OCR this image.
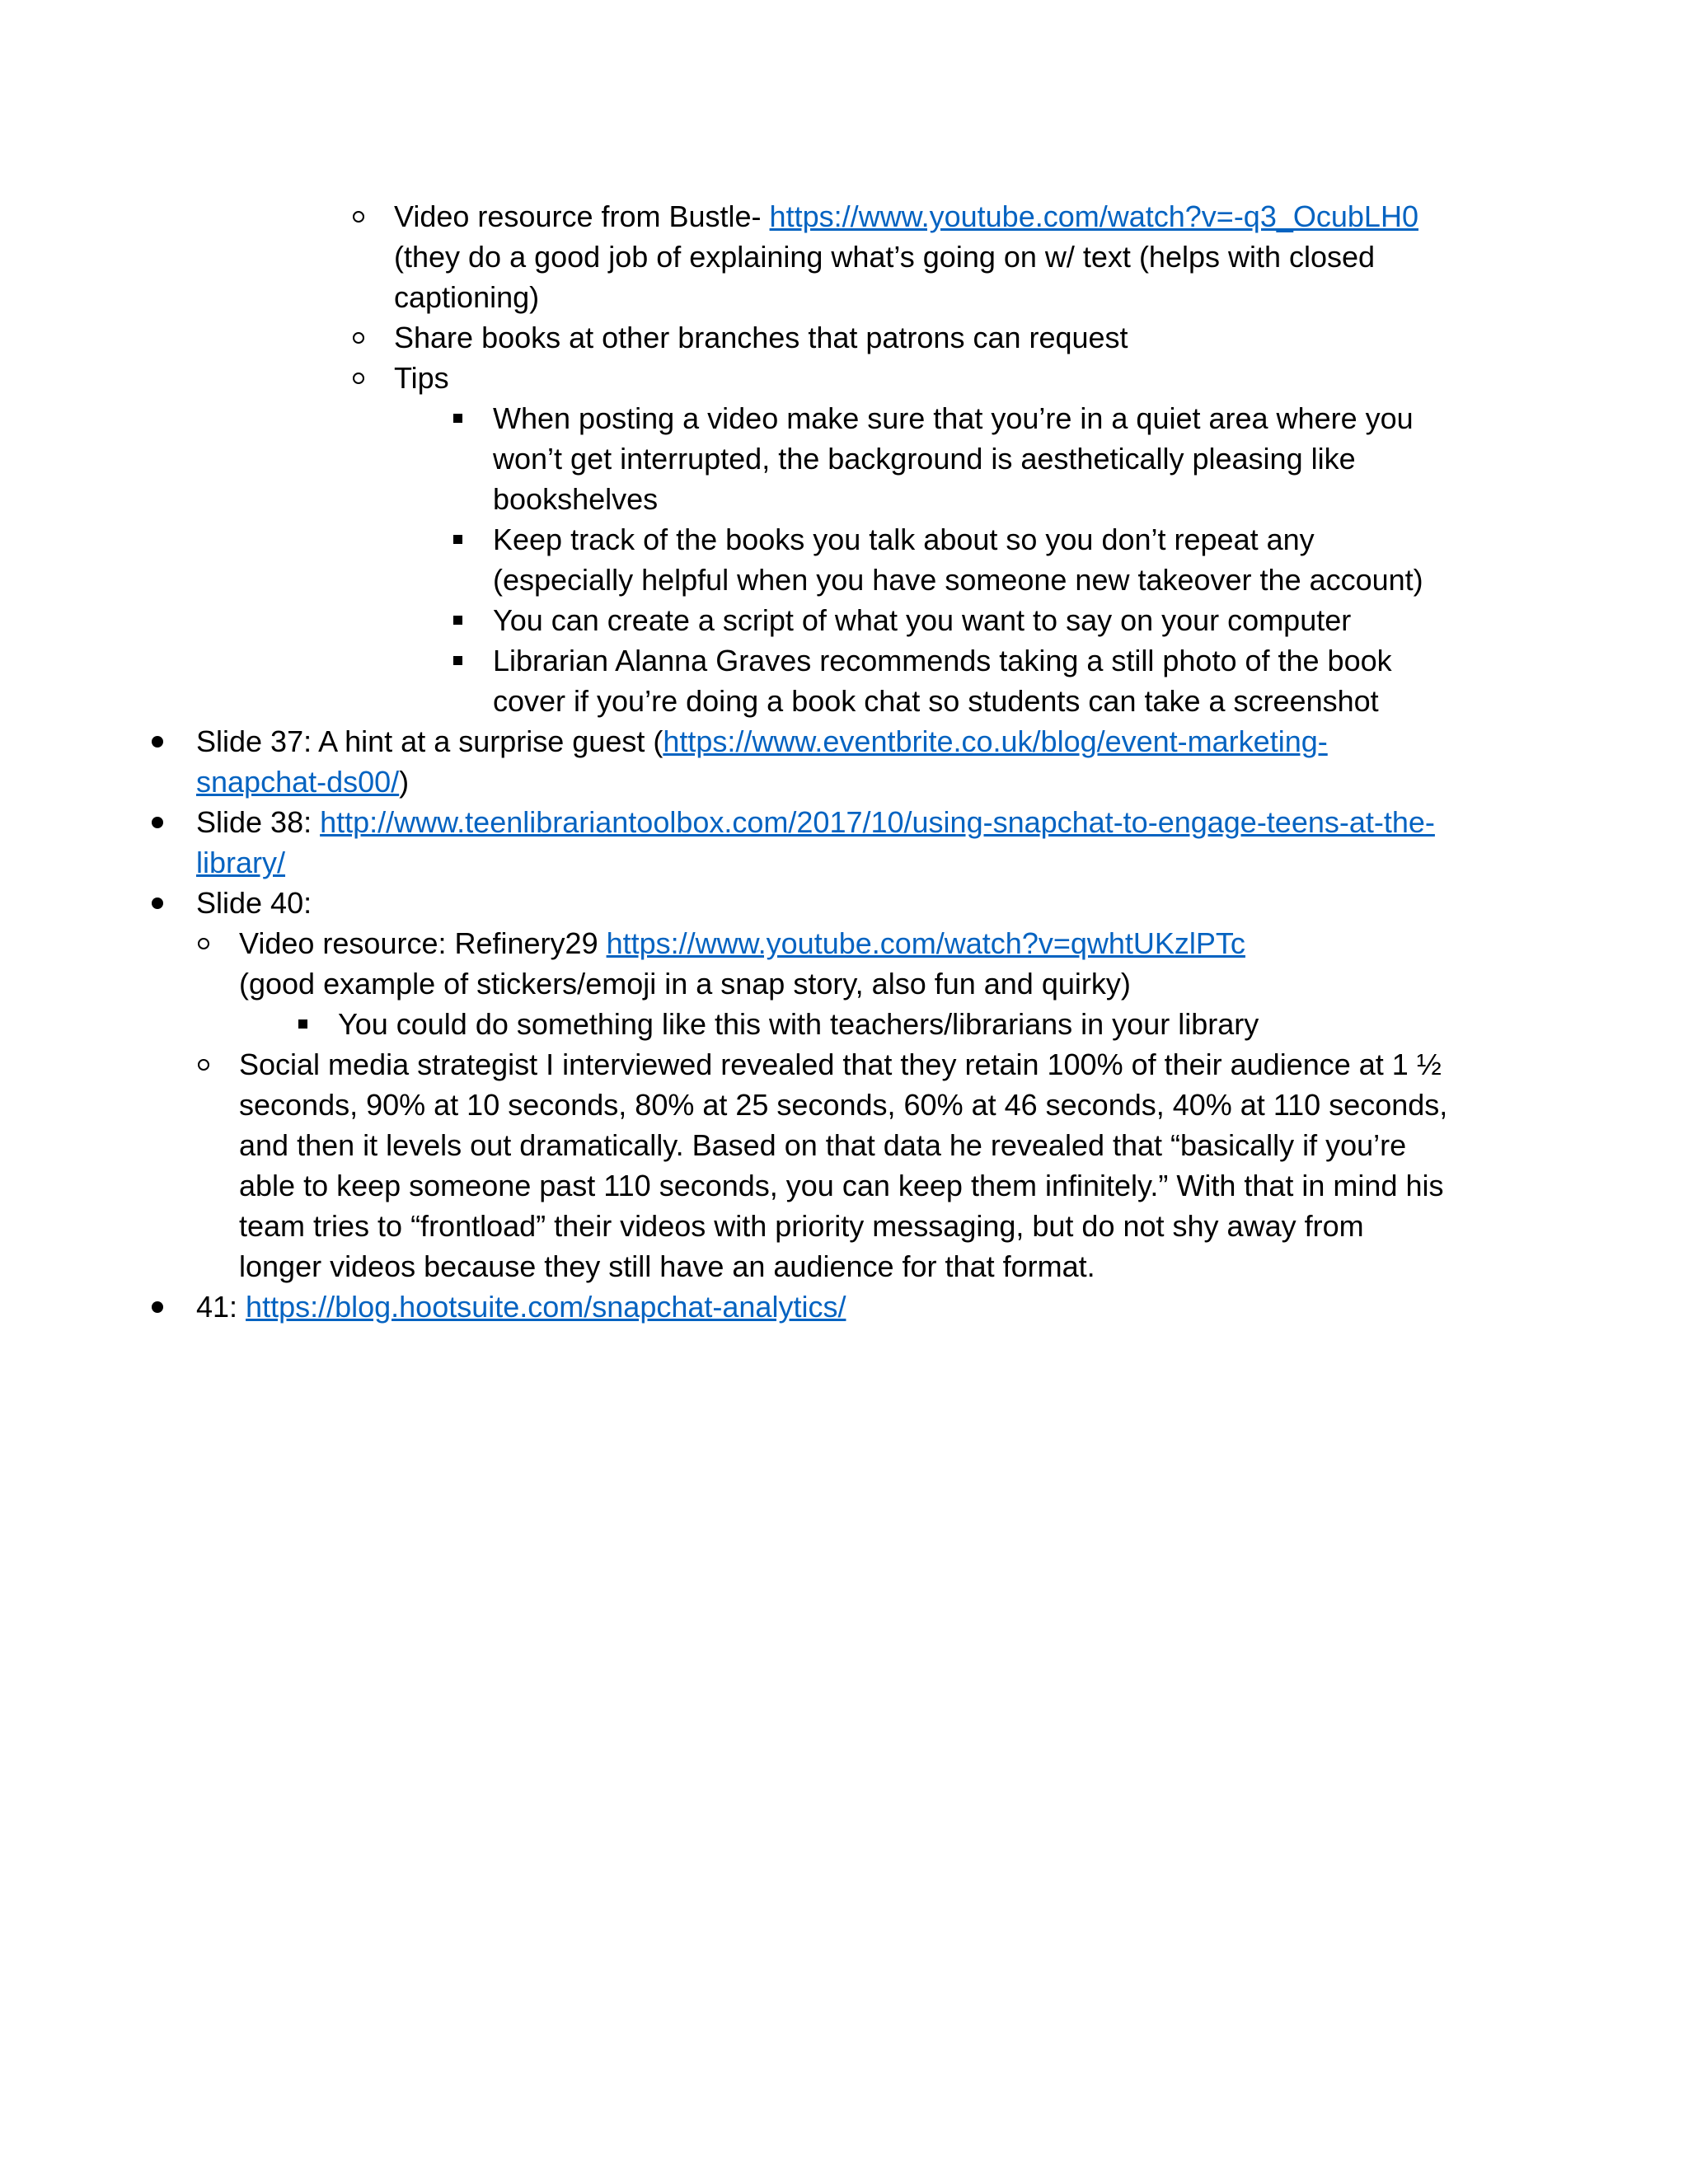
Video resource from Bustle- https://www.youtube.com/watch?v=-q3_OcubLH0
(they do a good job of explaining what’s going on w/ text (helps with closed captioning)
Share books at other branches that patrons can request
Tips
When posting a video make sure that you’re in a quiet area where you won’t get interrupted, the background is aesthetically pleasing like bookshelves
Keep track of the books you talk about so you don’t repeat any (especially helpful when you have someone new takeover the account)
You can create a script of what you want to say on your computer
Librarian Alanna Graves recommends taking a still photo of the book cover if you’re doing a book chat so students can take a screenshot
Slide 37: A hint at a surprise guest (https://www.eventbrite.co.uk/blog/event-marketing-snapchat-ds00/)
Slide 38: http://www.teenlibrariantoolbox.com/2017/10/using-snapchat-to-engage-teens-at-the-library/
Slide 40:
Video resource: Refinery29 https://www.youtube.com/watch?v=qwhtUKzlPTc
(good example of stickers/emoji in a snap story, also fun and quirky)
You could do something like this with teachers/librarians in your library
Social media strategist I interviewed revealed that they retain 100% of their audience at 1 ½ seconds, 90% at 10 seconds, 80% at 25 seconds, 60% at 46 seconds, 40% at 110 seconds, and then it levels out dramatically. Based on that data he revealed that “basically if you’re able to keep someone past 110 seconds, you can keep them infinitely.” With that in mind his team tries to “frontload” their videos with priority messaging, but do not shy away from longer videos because they still have an audience for that format.
41: https://blog.hootsuite.com/snapchat-analytics/
